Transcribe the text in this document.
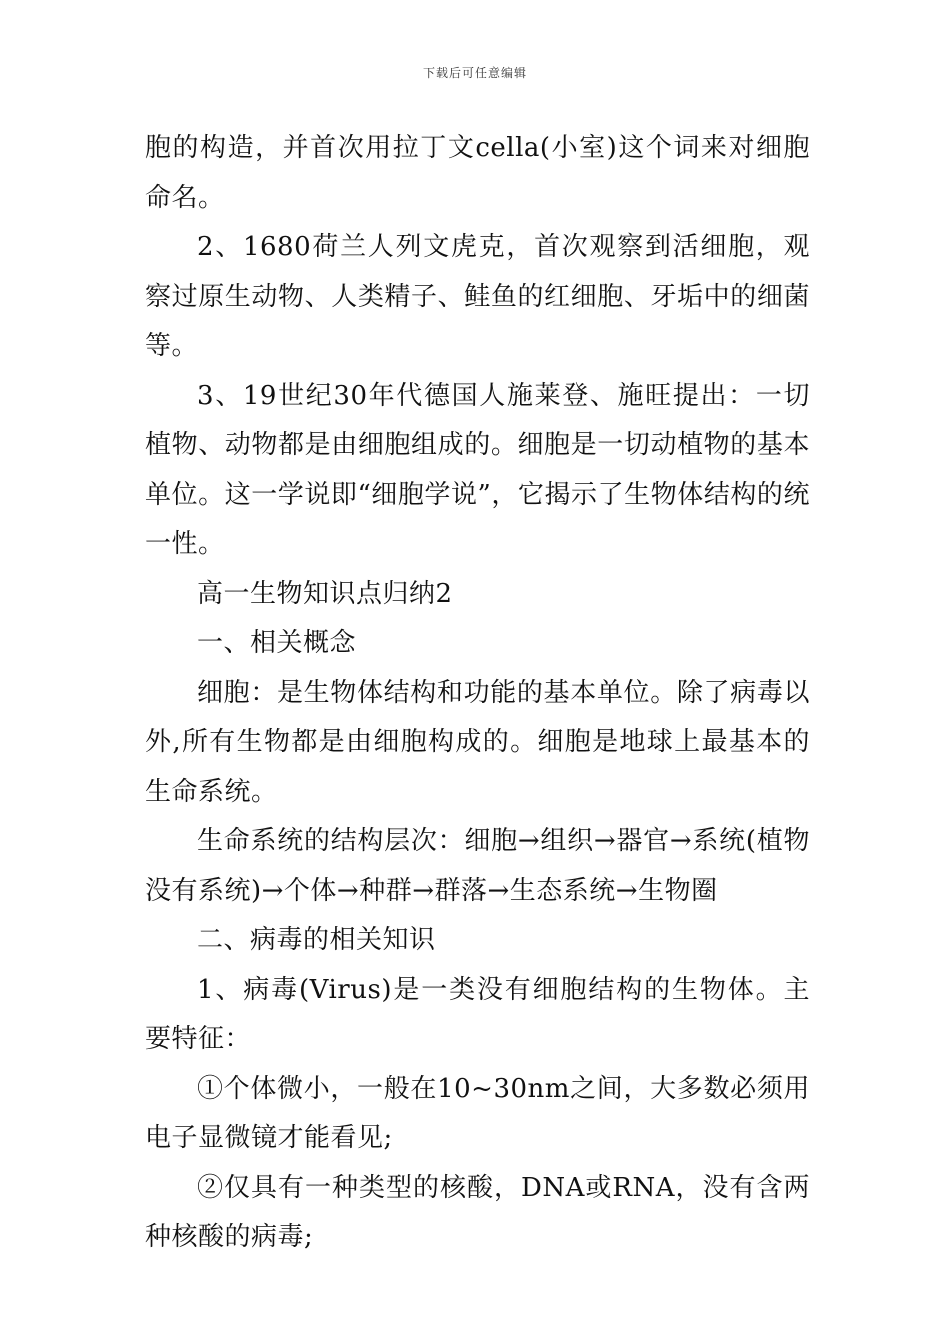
下载后可任意编辑

胞的构造，并首次用拉丁文cella(小室)这个词来对细胞命名。

2、1680荷兰人列文虎克，首次观察到活细胞，观察过原生动物、人类精子、鲑鱼的红细胞、牙垢中的细菌等。

3、19世纪30年代德国人施莱登、施旺提出：一切植物、动物都是由细胞组成的。细胞是一切动植物的基本单位。这一学说即“细胞学说”，它揭示了生物体结构的统一性。

高一生物知识点归纳2

一、相关概念

细胞：是生物体结构和功能的基本单位。除了病毒以外,所有生物都是由细胞构成的。细胞是地球上最基本的生命系统。

生命系统的结构层次：细胞→组织→器官→系统(植物没有系统)→个体→种群→群落→生态系统→生物圈

二、病毒的相关知识

1、病毒(Virus)是一类没有细胞结构的生物体。主要特征：

①个体微小，一般在10~30nm之间，大多数必须用电子显微镜才能看见;

②仅具有一种类型的核酸，DNA或RNA，没有含两种核酸的病毒;
